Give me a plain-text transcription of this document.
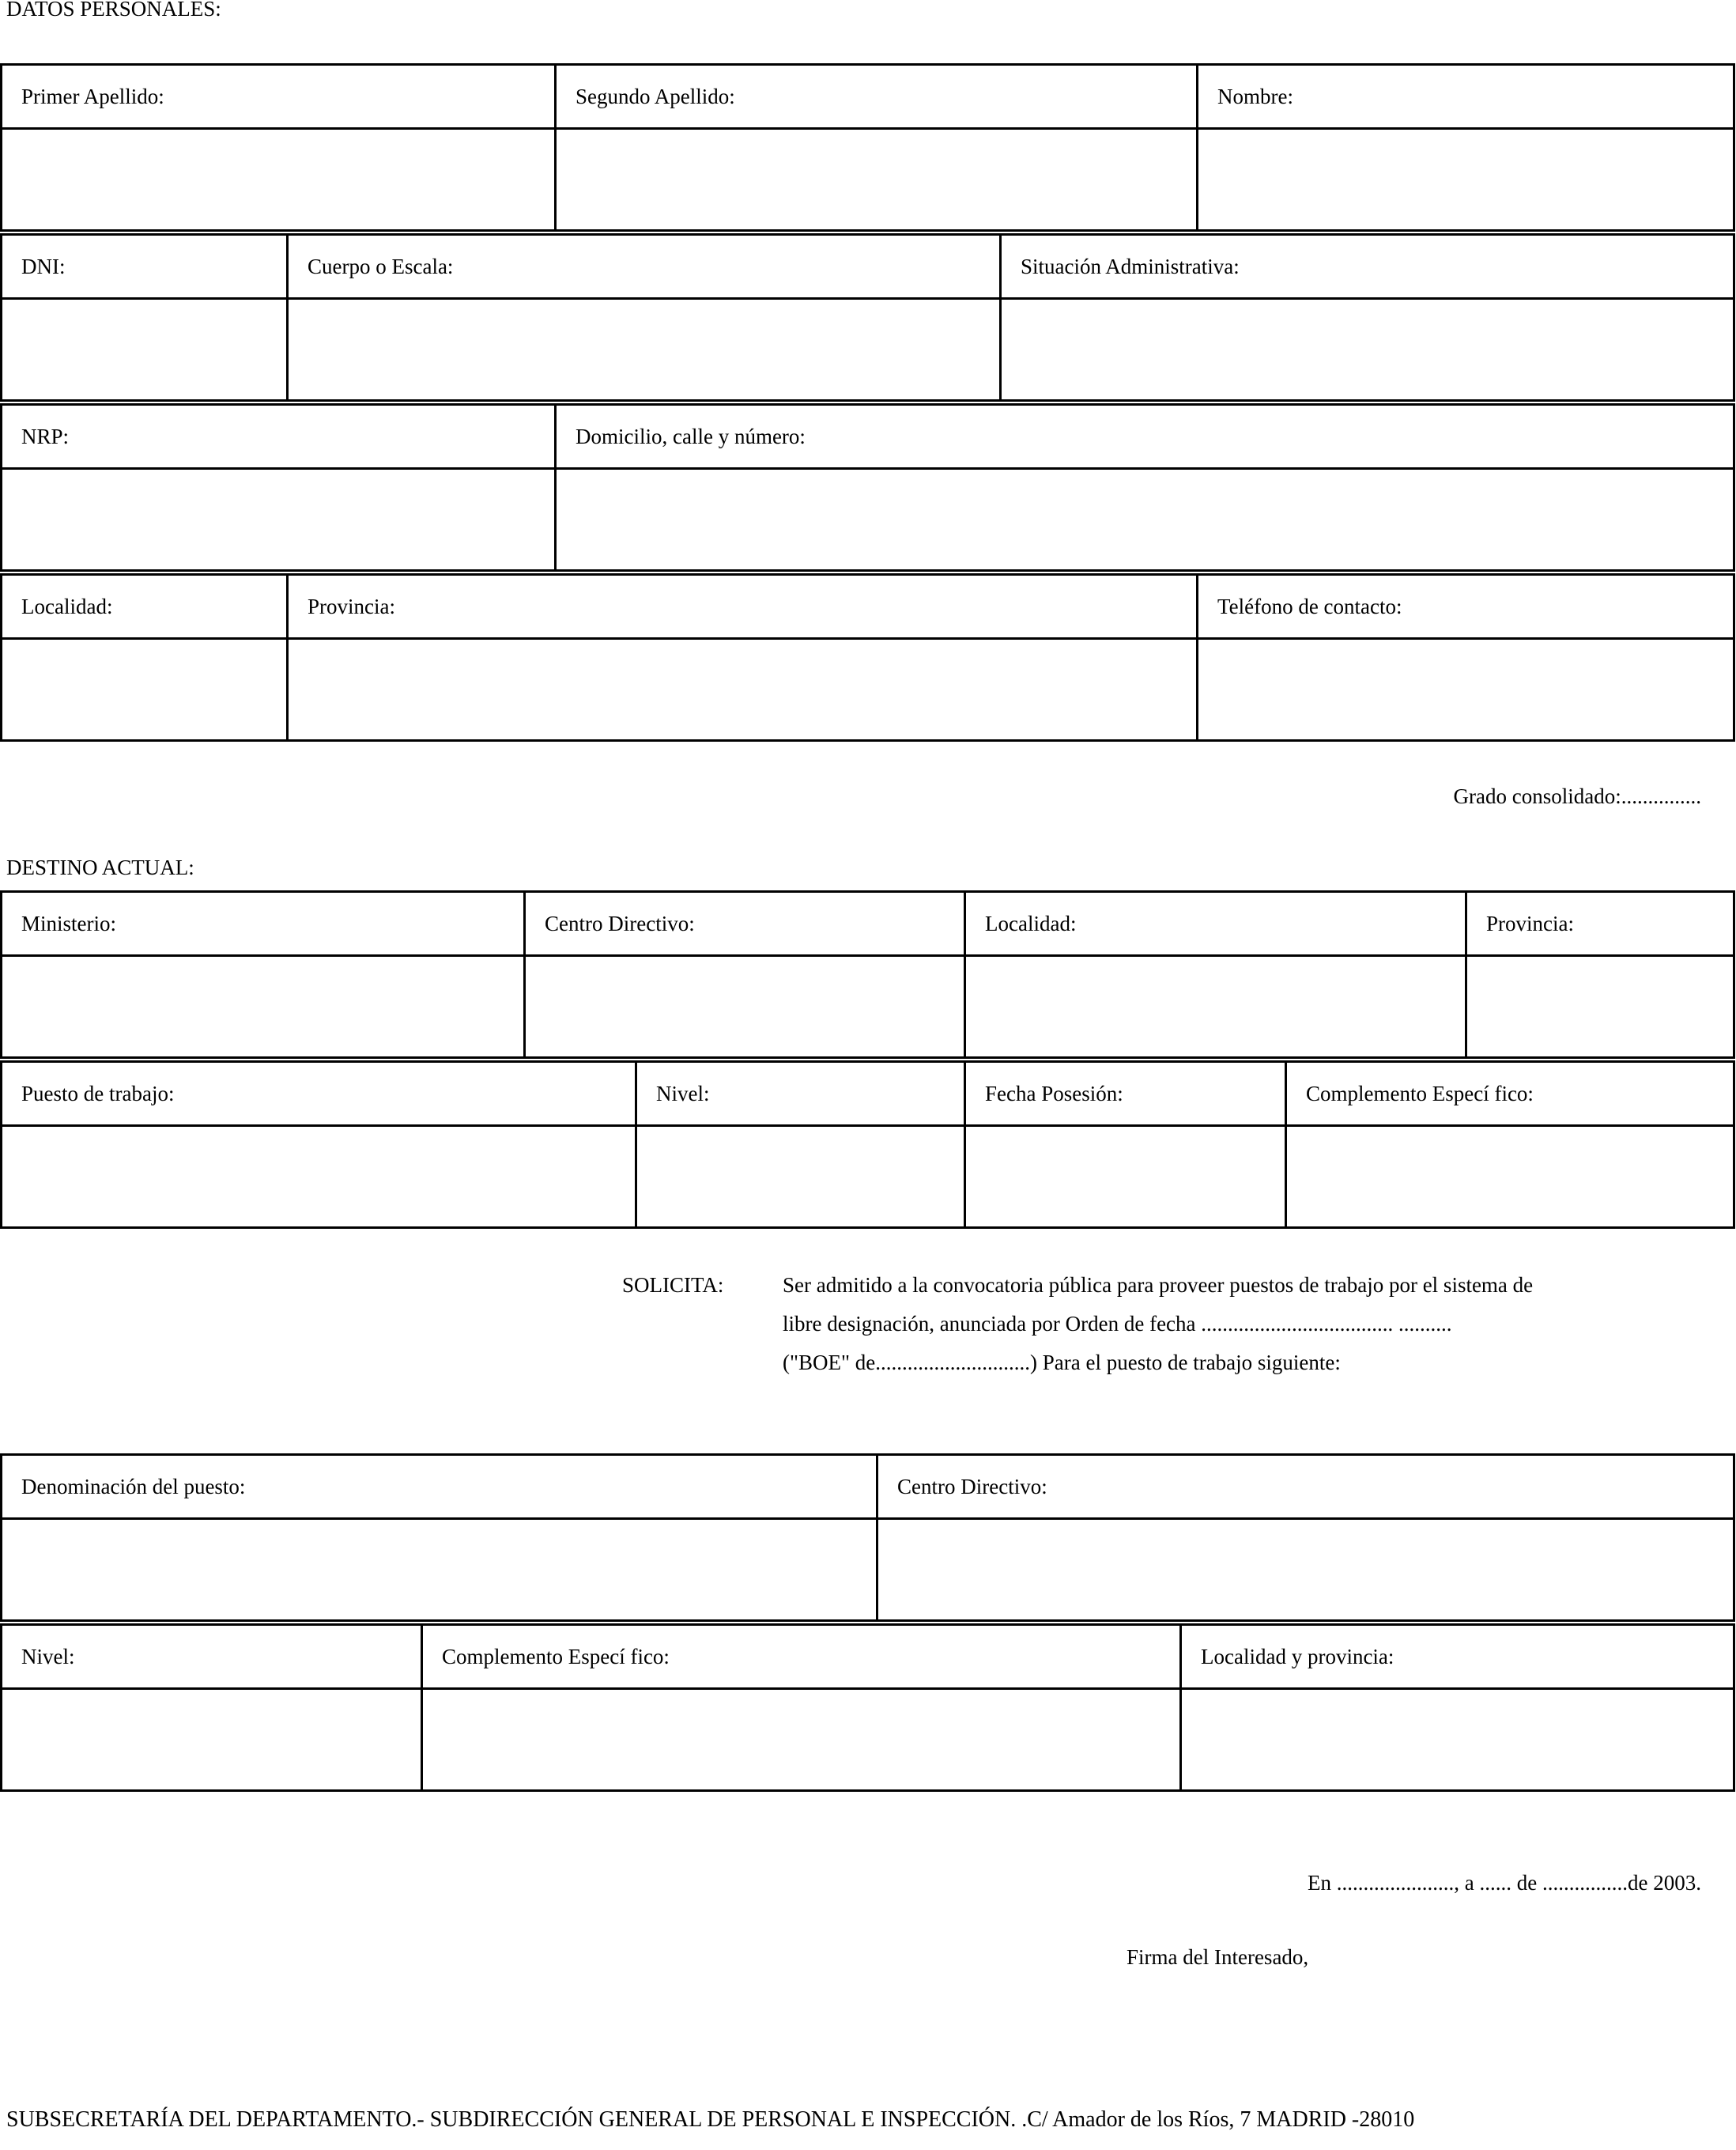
DATOS PERSONALES:
Primer Apellido:	Segundo Apellido:	Nombre:

DNI:	Cuerpo o Escala:	Situación Administrativa:

NRP:	Domicilio, calle y número:

Localidad:	Provincia:	Teléfono de contacto:

Grado consolidado:...............
DESTINO ACTUAL:
Ministerio:	Centro Directivo:	Localidad:	Provincia:

Puesto de trabajo:	Nivel:	Fecha Posesión:	Complemento Especí fico:

SOLICITA:	Ser admitido a la convocatoria pública para proveer puestos de trabajo por el sistema de
libre designación, anunciada por Orden de fecha .................................... ..........
("BOE" de.............................) Para el puesto de trabajo siguiente:
Denominación del puesto:	Centro Directivo:

Nivel:	Complemento Especí fico:	Localidad y provincia:

En ......................, a ...... de ................de 2003.
Firma del Interesado,
SUBSECRETARÍA DEL DEPARTAMENTO.- SUBDIRECCIÓN GENERAL DE PERSONAL E INSPECCIÓN. .C/ Amador de los Ríos, 7 MADRID -28010
